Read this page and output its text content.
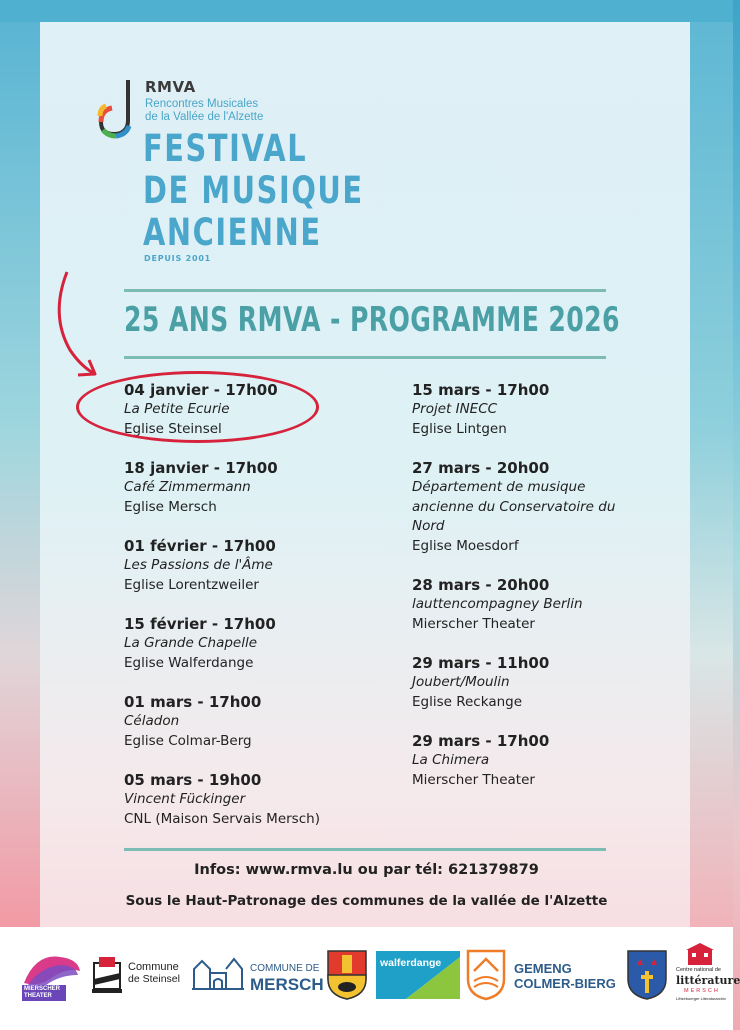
RMVA
Rencontres Musicales
de la Vallée de l'Alzette
FESTIVAL
DE MUSIQUE
ANCIENNE
DEPUIS 2001
25 ANS RMVA - PROGRAMME 2026
04 janvier - 17h00
La Petite Ecurie
Eglise Steinsel
18 janvier - 17h00
Café Zimmermann
Eglise Mersch
01 février - 17h00
Les Passions de l'Âme
Eglise Lorentzweiler
15 février - 17h00
La Grande Chapelle
Eglise Walferdange
01 mars - 17h00
Céladon
Eglise Colmar-Berg
05 mars - 19h00
Vincent Fückinger
CNL (Maison Servais Mersch)
15 mars - 17h00
Projet INECC
Eglise Lintgen
27 mars - 20h00
Département de musique ancienne du Conservatoire du Nord
Eglise Moesdorf
28 mars - 20h00
lauttencompagney Berlin
Mierscher Theater
29 mars - 11h00
Joubert/Moulin
Eglise Reckange
29 mars - 17h00
La Chimera
Mierscher Theater
Infos: www.rmva.lu ou par tél: 621379879
Sous le Haut-Patronage des communes de la vallée de l'Alzette
MIERSCHER THEATER
Commune
de Steinsel
COMMUNE DE
MERSCH
walferdange	GEMENG
COLMER-BIERG
Centre national de
littérature
MERSCH
Lëtzebuerger Literaturarchiv
